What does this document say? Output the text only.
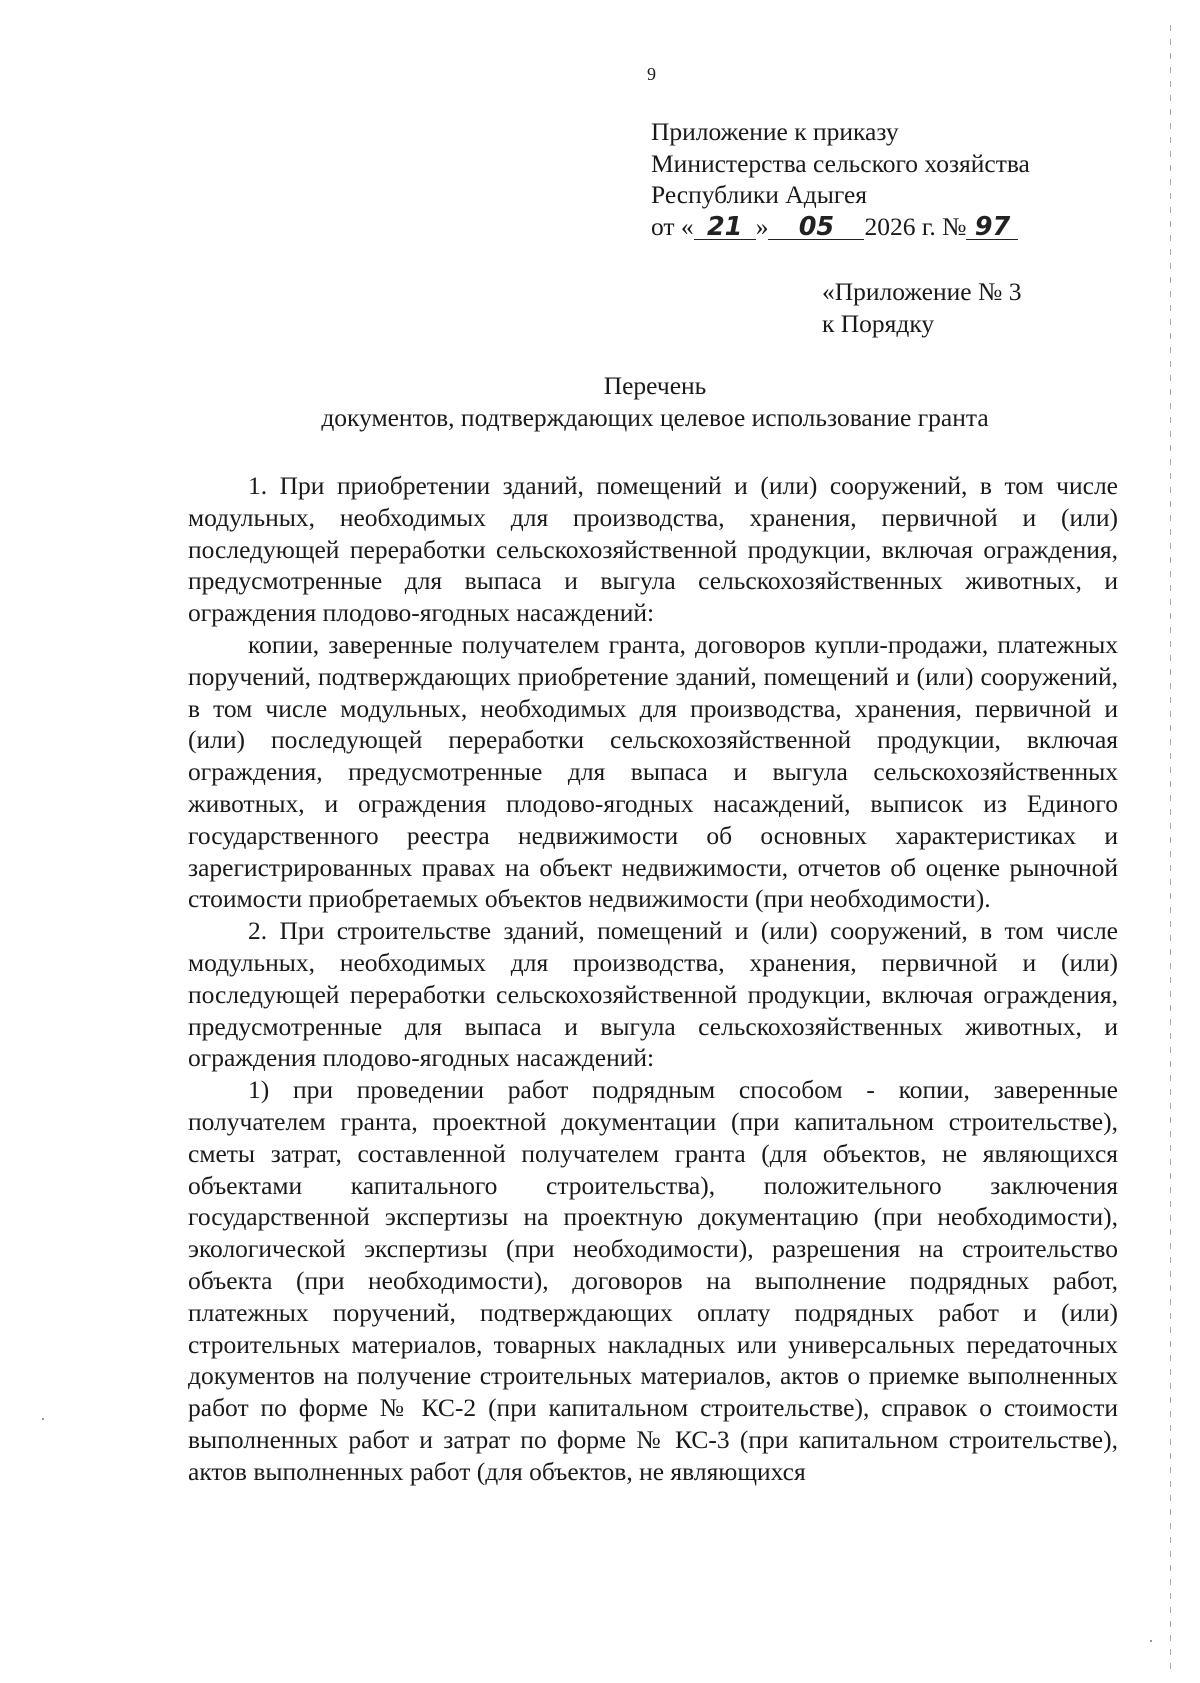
9
Приложение к приказу
Министерства сельского хозяйства
Республики Адыгея
от « 21 » 05 2026 г. № 97
«Приложение № 3
к Порядку
Перечень
документов, подтверждающих целевое использование гранта

1. При приобретении зданий, помещений и (или) сооружений, в том числе модульных, необходимых для производства, хранения, первичной и (или) последующей переработки сельскохозяйственной продукции, включая ограждения, предусмотренные для выпаса и выгула сельскохозяйственных животных, и ограждения плодово-ягодных насаждений:

копии, заверенные получателем гранта, договоров купли-продажи, платежных поручений, подтверждающих приобретение зданий, помещений и (или) сооружений, в том числе модульных, необходимых для производства, хранения, первичной и (или) последующей переработки сельскохозяйственной продукции, включая ограждения, предусмотренные для выпаса и выгула сельскохозяйственных животных, и ограждения плодово-ягодных насаждений, выписок из Единого государственного реестра недвижимости об основных характеристиках и зарегистрированных правах на объект недвижимости, отчетов об оценке рыночной стоимости приобретаемых объектов недвижимости (при необходимости).

2. При строительстве зданий, помещений и (или) сооружений, в том числе модульных, необходимых для производства, хранения, первичной и (или) последующей переработки сельскохозяйственной продукции, включая ограждения, предусмотренные для выпаса и выгула сельскохозяйственных животных, и ограждения плодово-ягодных насаждений:

1) при проведении работ подрядным способом - копии, заверенные получателем гранта, проектной документации (при капитальном строительстве), сметы затрат, составленной получателем гранта (для объектов, не являющихся объектами капитального строительства), положительного заключения государственной экспертизы на проектную документацию (при необходимости), экологической экспертизы (при необходимости), разрешения на строительство объекта (при необходимости), договоров на выполнение подрядных работ, платежных поручений, подтверждающих оплату подрядных работ и (или) строительных материалов, товарных накладных или универсальных передаточных документов на получение строительных материалов, актов о приемке выполненных работ по форме № КС-2 (при капитальном строительстве), справок о стоимости выполненных работ и затрат по форме № КС-3 (при капитальном строительстве), актов выполненных работ (для объектов, не являющихся
